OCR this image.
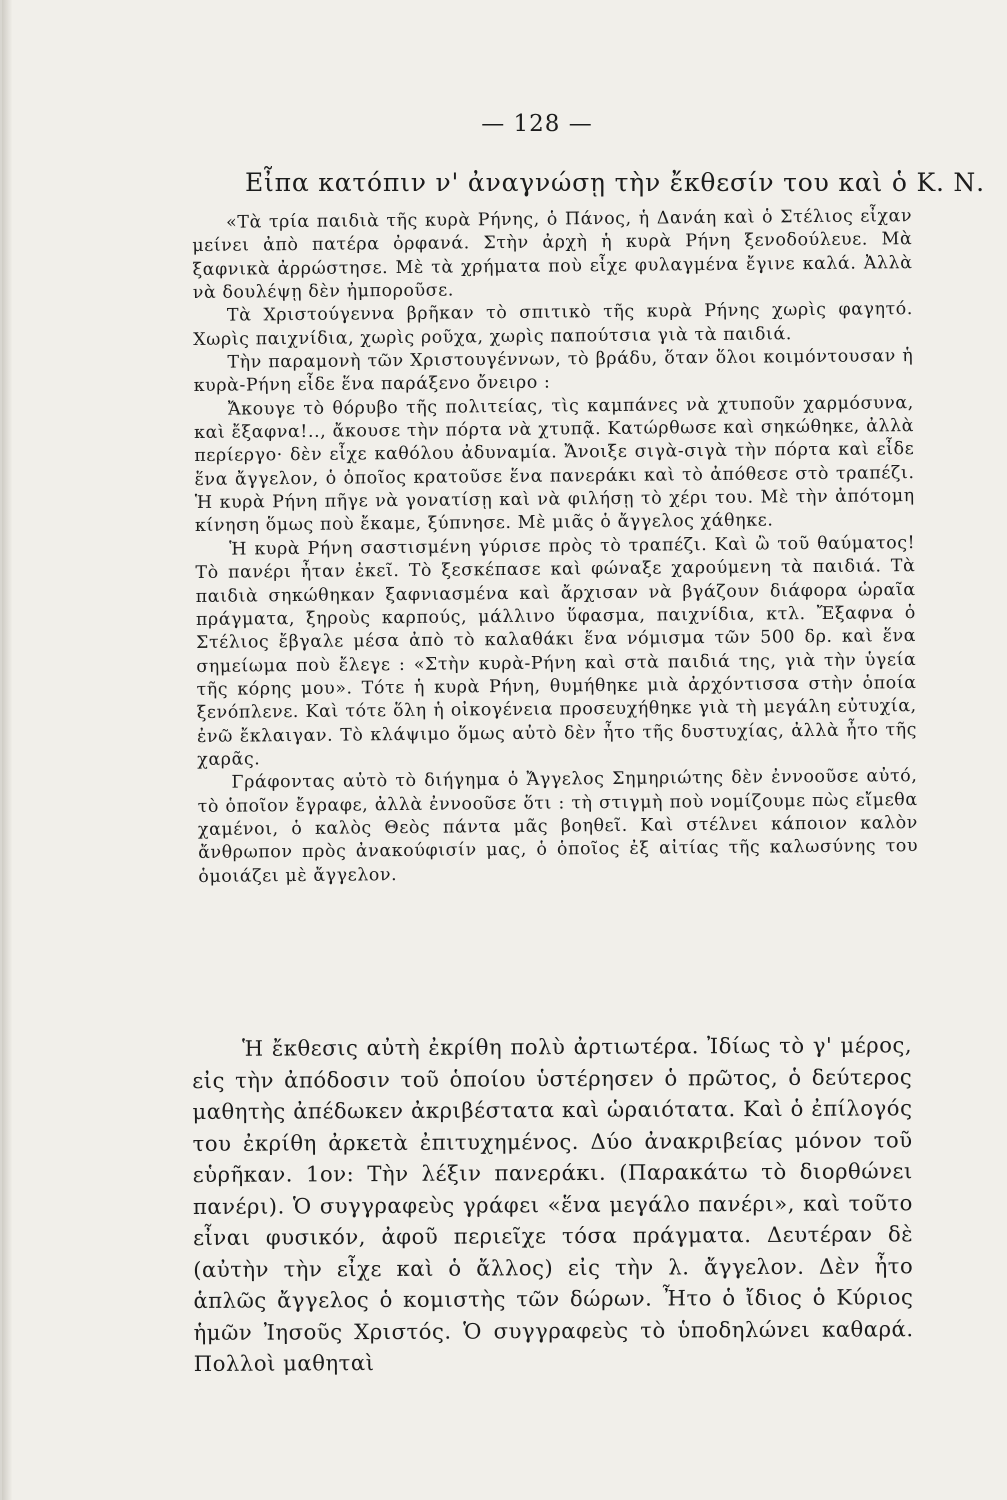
— 128 —
Εἶπα κατόπιν ν' ἀναγνώσῃ τὴν ἔκθεσίν του καὶ ὁ Κ. Ν.

«Τὰ τρία παιδιὰ τῆς κυρὰ Ρήνης, ὁ Πάνος, ἡ Δανάη καὶ ὁ Στέλιος εἶχαν μείνει ἀπὸ πατέρα ὀρφανά. Στὴν ἀρχὴ ἡ κυρὰ Ρήνη ξενοδούλευε. Μὰ ξαφνικὰ ἀρρώστησε. Μὲ τὰ χρήματα ποὺ εἶχε φυλαγμένα ἔγινε καλά. Ἀλλὰ νὰ δουλέψῃ δὲν ἠμποροῦσε.

Τὰ Χριστούγεννα βρῆκαν τὸ σπιτικὸ τῆς κυρὰ Ρήνης χωρὶς φαγητό. Χωρὶς παιχνίδια, χωρὶς ροῦχα, χωρὶς παπούτσια γιὰ τὰ παιδιά.

Τὴν παραμονὴ τῶν Χριστουγέννων, τὸ βράδυ, ὅταν ὅλοι κοιμόντουσαν ἡ κυρὰ-Ρήνη εἶδε ἕνα παράξενο ὄνειρο :

Ἄκουγε τὸ θόρυβο τῆς πολιτείας, τὶς καμπάνες νὰ χτυποῦν χαρμόσυνα, καὶ ἔξαφνα!.., ἄκουσε τὴν πόρτα νὰ χτυπᾷ. Κατώρθωσε καὶ σηκώθηκε, ἀλλὰ περίεργο· δὲν εἶχε καθόλου ἀδυναμία. Ἄνοιξε σιγὰ-σιγὰ τὴν πόρτα καὶ εἶδε ἕνα ἄγγελον, ὁ ὁποῖος κρατοῦσε ἕνα πανεράκι καὶ τὸ ἀπόθεσε στὸ τραπέζι. Ἡ κυρὰ Ρήνη πῆγε νὰ γονατίσῃ καὶ νὰ φιλήσῃ τὸ χέρι του. Μὲ τὴν ἀπότομη κίνηση ὅμως ποὺ ἔκαμε, ξύπνησε. Μὲ μιᾶς ὁ ἄγγελος χάθηκε.

Ἡ κυρὰ Ρήνη σαστισμένη γύρισε πρὸς τὸ τραπέζι. Καὶ ὢ τοῦ θαύματος! Τὸ πανέρι ἦταν ἐκεῖ. Τὸ ξεσκέπασε καὶ φώναξε χαρούμενη τὰ παιδιά. Τὰ παιδιὰ σηκώθηκαν ξαφνιασμένα καὶ ἄρχισαν νὰ βγάζουν διάφορα ὡραῖα πράγματα, ξηροὺς καρπούς, μάλλινο ὕφασμα, παιχνίδια, κτλ. Ἔξαφνα ὁ Στέλιος ἔβγαλε μέσα ἀπὸ τὸ καλαθάκι ἕνα νόμισμα τῶν 500 δρ. καὶ ἕνα σημείωμα ποὺ ἔλεγε : «Στὴν κυρὰ-Ρήνη καὶ στὰ παιδιά της, γιὰ τὴν ὑγεία τῆς κόρης μου». Τότε ἡ κυρὰ Ρήνη, θυμήθηκε μιὰ ἀρχόντισσα στὴν ὁποία ξενόπλενε. Καὶ τότε ὅλη ἡ οἰκογένεια προσευχήθηκε γιὰ τὴ μεγάλη εὐτυχία, ἐνῶ ἔκλαιγαν. Τὸ κλάψιμο ὅμως αὐτὸ δὲν ἦτο τῆς δυστυχίας, ἀλλὰ ἦτο τῆς χαρᾶς.

Γράφοντας αὐτὸ τὸ διήγημα ὁ Ἄγγελος Σημηριώτης δὲν ἐννοοῦσε αὐτό, τὸ ὁποῖον ἔγραφε, ἀλλὰ ἐννοοῦσε ὅτι : τὴ στιγμὴ ποὺ νομίζουμε πὼς εἴμεθα χαμένοι, ὁ καλὸς Θεὸς πάντα μᾶς βοηθεῖ. Καὶ στέλνει κάποιον καλὸν ἄνθρωπον πρὸς ἀνακούφισίν μας, ὁ ὁποῖος ἐξ αἰτίας τῆς καλωσύνης του ὁμοιάζει μὲ ἄγγελον.

Ἡ ἔκθεσις αὐτὴ ἐκρίθη πολὺ ἀρτιωτέρα. Ἰδίως τὸ γ' μέρος, εἰς τὴν ἀπόδοσιν τοῦ ὁποίου ὑστέρησεν ὁ πρῶτος, ὁ δεύτερος μαθητὴς ἀπέδωκεν ἀκριβέστατα καὶ ὡραιότατα. Καὶ ὁ ἐπίλογός του ἐκρίθη ἀρκετὰ ἐπιτυχημένος. Δύο ἀνακριβείας μόνον τοῦ εὑρῆκαν. 1ον: Τὴν λέξιν πανεράκι. (Παρακάτω τὸ διορθώνει πανέρι). Ὁ συγγραφεὺς γράφει «ἕνα μεγάλο πανέρι», καὶ τοῦτο εἶναι φυσικόν, ἀφοῦ περιεῖχε τόσα πράγματα. Δευτέραν δὲ (αὐτὴν τὴν εἶχε καὶ ὁ ἄλλος) εἰς τὴν λ. ἄγγελον. Δὲν ἦτο ἁπλῶς ἄγγελος ὁ κομιστὴς τῶν δώρων. Ἦτο ὁ ἴδιος ὁ Κύριος ἡμῶν Ἰησοῦς Χριστός. Ὁ συγγραφεὺς τὸ ὑποδηλώνει καθαρά. Πολλοὶ μαθηταὶ
